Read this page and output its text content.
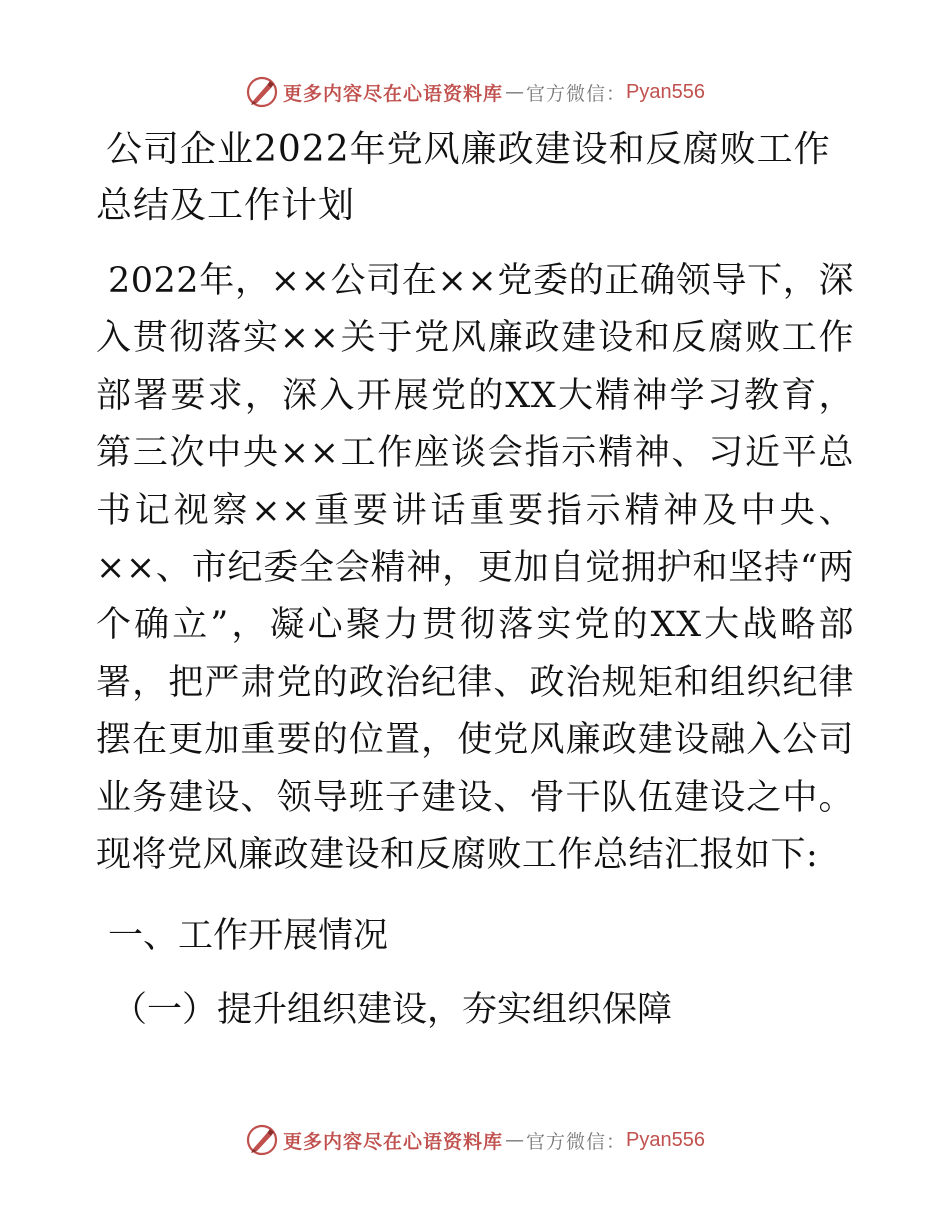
更多内容尽在心语资料库 — 官方微信： Pyan556
公司企业2022年党风廉政建设和反腐败工作总结及工作计划

2022年，××公司在××党委的正确领导下，深入贯彻落实××关于党风廉政建设和反腐败工作部署要求，深入开展党的XX大精神学习教育，第三次中央××工作座谈会指示精神、习近平总书记视察××重要讲话重要指示精神及中央、××、市纪委全会精神，更加自觉拥护和坚持“两个确立”，凝心聚力贯彻落实党的XX大战略部署，把严肃党的政治纪律、政治规矩和组织纪律摆在更加重要的位置，使党风廉政建设融入公司业务建设、领导班子建设、骨干队伍建设之中。现将党风廉政建设和反腐败工作总结汇报如下:

一、工作开展情况
（一）提升组织建设，夯实组织保障
更多内容尽在心语资料库 — 官方微信： Pyan556
